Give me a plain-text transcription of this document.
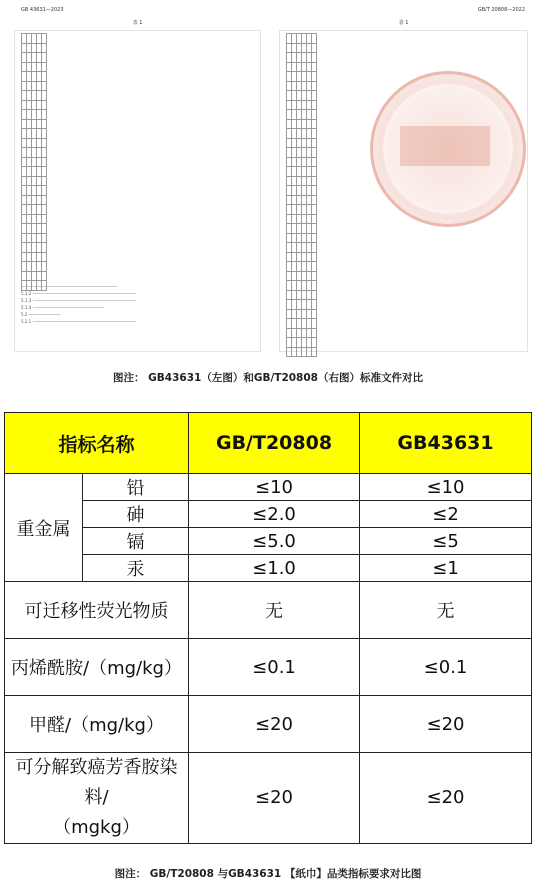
GB 43631—2023
表 1

————————————————————————
5.1.2 ——————————————————————————
5.1.3 ——————————————————————————
5.1.4 ——————————————————
5.2 ————————
5.2.1 ——————————————————————————
GB/T 20808—2022
表 1

图注： GB43631（左图）和GB/T20808（右图）标准文件对比
指标名称		GB/T20808	GB43631
重金属	铅	≤10	≤10
	砷	≤2.0	≤2
	镉	≤5.0	≤5
	汞	≤1.0	≤1
可迁移性荧光物质		无	无
丙烯酰胺/（mg/kg）		≤0.1	≤0.1
甲醛/（mg/kg）		≤20	≤20
可分解致癌芳香胺染料/
（mgkg）		≤20	≤20
图注： GB/T20808 与GB43631 【纸巾】品类指标要求对比图
